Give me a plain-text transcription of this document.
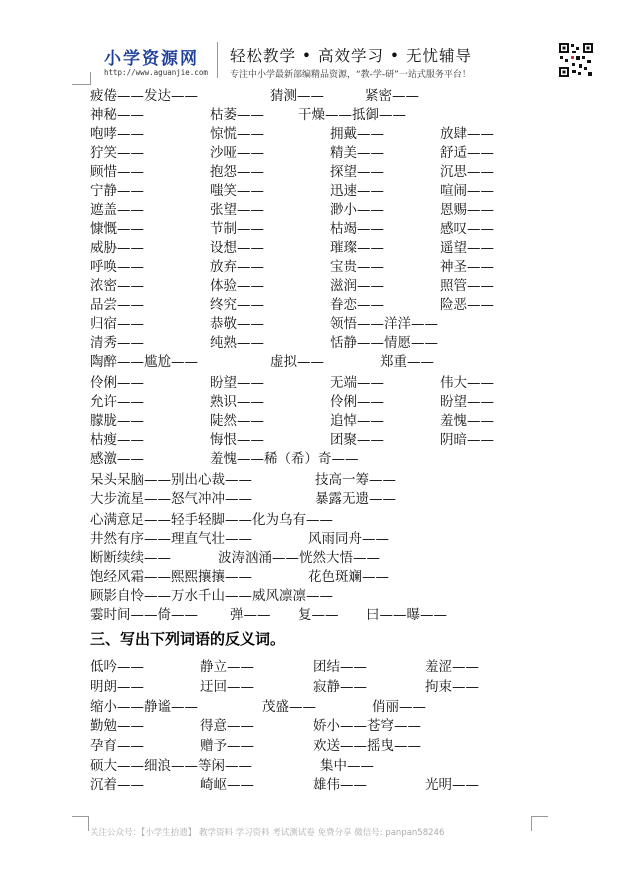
小学资源网
http://www.aguanjie.com
轻松教学 • 高效学习 • 无忧辅导
专注中小学最新部编精品资源，“教-学-研”一站式服务平台！
疲倦——发达——	猜测——	紧密——
神秘——	枯萎——	干燥——抵御——
咆哮——	惊慌——	拥戴——	放肆——
狞笑——	沙哑——	精美——	舒适——
顾惜——	抱怨——	探望——	沉思——
宁静——	嗤笑——	迅速——	喧闹——
遮盖——	张望——	渺小——	恩赐——
慷慨——	节制——	枯竭——	感叹——
威胁——	设想——	璀璨——	遥望——
呼唤——	放弃——	宝贵——	神圣——
浓密——	体验——	滋润——	照管——
品尝——	终究——	眷恋——	险恶——
归宿——	恭敬——	领悟——洋洋——
清秀——	纯熟——	恬静——情愿——
陶醉——尴尬——	虚拟——	郑重——
伶俐——	盼望——	无端——	伟大——
允许——	熟识——	伶俐——	盼望——
朦胧——	陡然——	追悼——	羞愧——
枯瘦——	悔恨——	团聚——	阴暗——
感激——	羞愧——稀（希）奇——
呆头呆脑——别出心裁——	技高一筹——
大步流星——怒气冲冲——	暴露无遗——
心满意足——轻手轻脚——化为乌有——
井然有序——理直气壮——	风雨同舟——
断断续续——	波涛汹涌——恍然大悟——
饱经风霜——熙熙攘攘——	花色斑斓——
顾影自怜——万水千山——威风凛凛——
霎时间——倚—— 弹—— 复—— 曰——曝——
低吟——	静立——	团结——	羞涩——
明朗——	迂回——	寂静——	拘束——
缩小——静谧——	茂盛——	俏丽——
勤勉——	得意——	娇小——苍穹——
孕育——	赠予——	欢送——摇曳——
硕大——细浪——等闲——	集中——
沉着——	崎岖——	雄伟——	光明——
三、写出下列词语的反义词。
关注公众号：【小学生拾遗】 教学资料 学习资料 考试测试卷 免费分享 微信号: panpan58246
